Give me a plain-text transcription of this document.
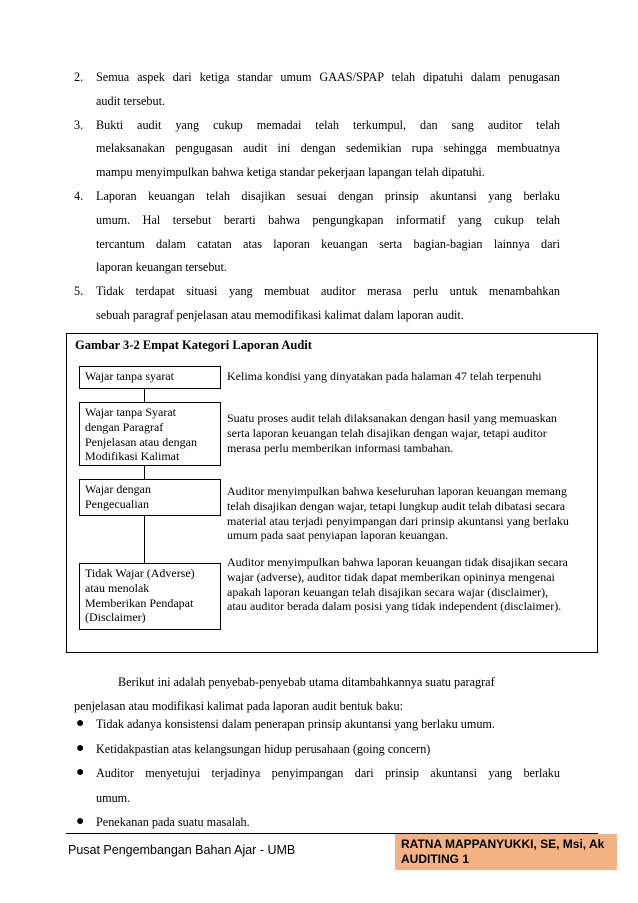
2. Semua aspek dari ketiga standar umum GAAS/SPAP telah dipatuhi dalam penugasan
audit tersebut.
3. Bukti audit yang cukup memadai telah terkumpul, dan sang auditor telah
melaksanakan pengugasan audit ini dengan sedemikian rupa sehingga membuatnya
mampu menyimpulkan bahwa ketiga standar pekerjaan lapangan telah dipatuhi.
4. Laporan keuangan telah disajikan sesuai dengan prinsip akuntansi yang berlaku
umum. Hal tersebut berarti bahwa pengungkapan informatif yang cukup telah
tercantum dalam catatan atas laporan keuangan serta bagian-bagian lainnya dari
laporan keuangan tersebut.
5. Tidak terdapat situasi yang membuat auditor merasa perlu untuk menambahkan
sebuah paragraf penjelasan atau memodifikasi kalimat dalam laporan audit.
Gambar 3-2 Empat Kategori Laporan Audit
Wajar tanpa syarat	Kelima kondisi yang dinyatakan pada halaman 47 telah terpenuhi
Wajar tanpa Syarat
dengan Paragraf
Penjelasan atau dengan
Modifikasi Kalimat
Suatu proses audit telah dilaksanakan dengan hasil yang memuaskan
serta laporan keuangan telah disajikan dengan wajar, tetapi auditor
merasa perlu memberikan informasi tambahan.
Wajar dengan
Pengecualian
Auditor menyimpulkan bahwa keseluruhan laporan keuangan memang
telah disajikan dengan wajar, tetapi lungkup audit telah dibatasi secara
material atau terjadi penyimpangan dari prinsip akuntansi yang berlaku
umum pada saat penyiapan laporan keuangan.
Tidak Wajar (Adverse)
atau menolak
Memberikan Pendapat
(Disclaimer)
Auditor menyimpulkan bahwa laporan keuangan tidak disajikan secara
wajar (adverse), auditor tidak dapat memberikan opininya mengenai
apakah laporan keuangan telah disajikan secara wajar (disclaimer),
atau auditor berada dalam posisi yang tidak independent (disclaimer).
Berikut ini adalah penyebab-penyebab utama ditambahkannya suatu paragraf
penjelasan atau modifikasi kalimat pada laporan audit bentuk baku:
● Tidak adanya konsistensi dalam penerapan prinsip akuntansi yang berlaku umum.
● Ketidakpastian atas kelangsungan hidup perusahaan (going concern)
● Auditor menyetujui terjadinya penyimpangan dari prinsip akuntansi yang berlaku
umum.
● Penekanan pada suatu masalah.
Pusat Pengembangan Bahan Ajar - UMB	RATNA MAPPANYUKKI, SE, Msi, Ak
AUDITING 1
